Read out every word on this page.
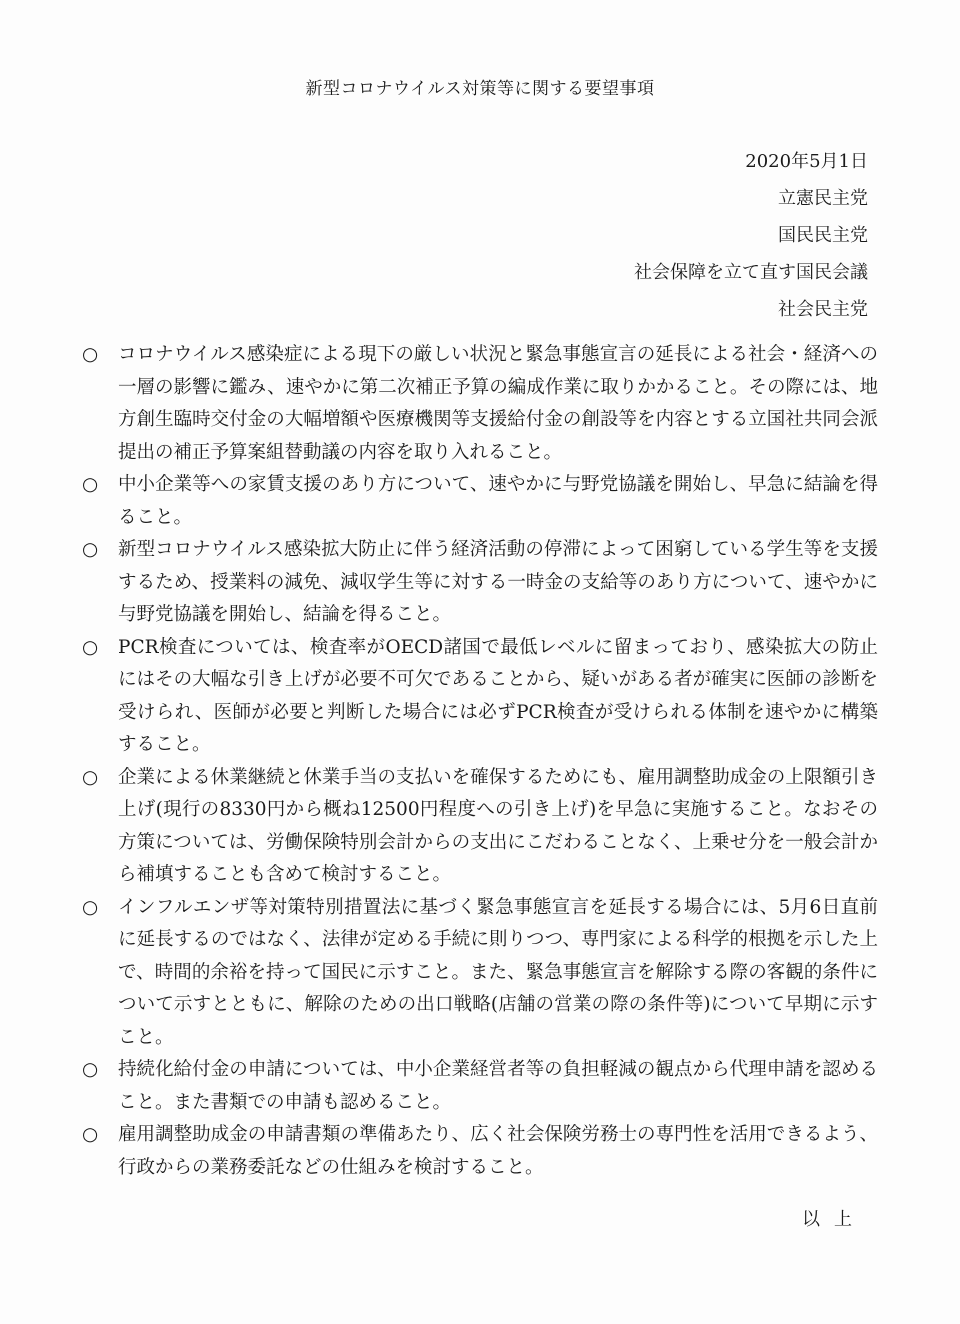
新型コロナウイルス対策等に関する要望事項
2020年5月1日
立憲民主党
国民民主党
社会保障を立て直す国民会議
社会民主党
○	コロナウイルス感染症による現下の厳しい状況と緊急事態宣言の延長による社会・経済への一層の影響に鑑み、速やかに第二次補正予算の編成作業に取りかかること。その際には、地方創生臨時交付金の大幅増額や医療機関等支援給付金の創設等を内容とする立国社共同会派提出の補正予算案組替動議の内容を取り入れること。
○	中小企業等への家賃支援のあり方について、速やかに与野党協議を開始し、早急に結論を得ること。
○	新型コロナウイルス感染拡大防止に伴う経済活動の停滞によって困窮している学生等を支援するため、授業料の減免、減収学生等に対する一時金の支給等のあり方について、速やかに与野党協議を開始し、結論を得ること。
○	PCR検査については、検査率がOECD諸国で最低レベルに留まっており、感染拡大の防止にはその大幅な引き上げが必要不可欠であることから、疑いがある者が確実に医師の診断を受けられ、医師が必要と判断した場合には必ずPCR検査が受けられる体制を速やかに構築すること。
○	企業による休業継続と休業手当の支払いを確保するためにも、雇用調整助成金の上限額引き上げ(現行の8330円から概ね12500円程度への引き上げ)を早急に実施すること。なおその方策については、労働保険特別会計からの支出にこだわることなく、上乗せ分を一般会計から補填することも含めて検討すること。
○	インフルエンザ等対策特別措置法に基づく緊急事態宣言を延長する場合には、5月6日直前に延長するのではなく、法律が定める手続に則りつつ、専門家による科学的根拠を示した上で、時間的余裕を持って国民に示すこと。また、緊急事態宣言を解除する際の客観的条件について示すとともに、解除のための出口戦略(店舗の営業の際の条件等)について早期に示すこと。
○	持続化給付金の申請については、中小企業経営者等の負担軽減の観点から代理申請を認めること。また書類での申請も認めること。
○	雇用調整助成金の申請書類の準備あたり、広く社会保険労務士の専門性を活用できるよう、行政からの業務委託などの仕組みを検討すること。
以上
